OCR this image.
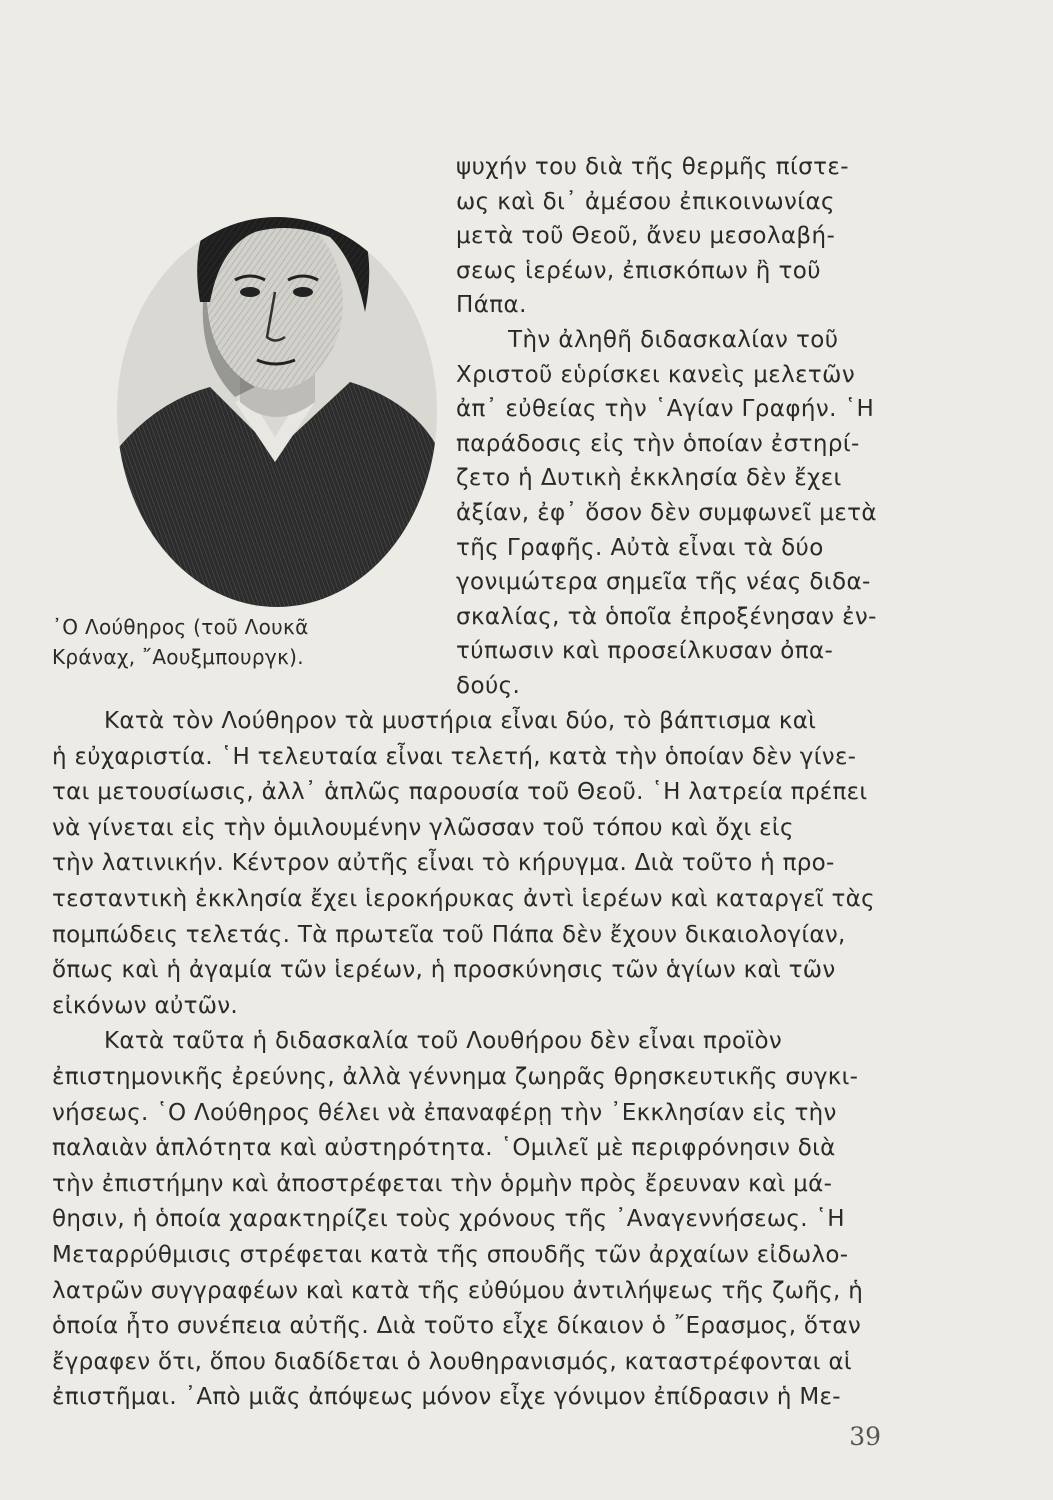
᾿Ο Λούθηρος (τοῦ Λουκᾶ
Κράναχ, ῎Αουξμπουργκ).
ψυχήν του διὰ τῆς θερμῆς πίστε-
ως καὶ δι᾿ ἀμέσου ἐπικοινωνίας
μετὰ τοῦ Θεοῦ, ἄνευ μεσολαβή-
σεως ἱερέων, ἐπισκόπων ἢ τοῦ
Πάπα.
Τὴν ἀληθῆ διδασκαλίαν τοῦ
Χριστοῦ εὑρίσκει κανεὶς μελετῶν
ἀπ᾿ εὐθείας τὴν ῾Αγίαν Γραφήν. ῾Η
παράδοσις εἰς τὴν ὁποίαν ἐστηρί-
ζετο ἡ Δυτικὴ ἐκκλησία δὲν ἔχει
ἀξίαν, ἐφ᾿ ὅσον δὲν συμφωνεῖ μετὰ
τῆς Γραφῆς. Αὐτὰ εἶναι τὰ δύο
γονιμώτερα σημεῖα τῆς νέας διδα-
σκαλίας, τὰ ὁποῖα ἐπροξένησαν ἐν-
τύπωσιν καὶ προσείλκυσαν ὀπα-
δούς.
Κατὰ τὸν Λούθηρον τὰ μυστήρια εἶναι δύο, τὸ βάπτισμα καὶ
ἡ εὐχαριστία. ῾Η τελευταία εἶναι τελετή, κατὰ τὴν ὁποίαν δὲν γίνε-
ται μετουσίωσις, ἀλλ᾿ ἁπλῶς παρουσία τοῦ Θεοῦ. ῾Η λατρεία πρέπει
νὰ γίνεται εἰς τὴν ὁμιλουμένην γλῶσσαν τοῦ τόπου καὶ ὄχι εἰς
τὴν λατινικήν. Κέντρον αὐτῆς εἶναι τὸ κήρυγμα. Διὰ τοῦτο ἡ προ-
τεσταντικὴ ἐκκλησία ἔχει ἱεροκήρυκας ἀντὶ ἱερέων καὶ καταργεῖ τὰς
πομπώδεις τελετάς. Τὰ πρωτεῖα τοῦ Πάπα δὲν ἔχουν δικαιολογίαν,
ὅπως καὶ ἡ ἀγαμία τῶν ἱερέων, ἡ προσκύνησις τῶν ἁγίων καὶ τῶν
εἰκόνων αὐτῶν.
Κατὰ ταῦτα ἡ διδασκαλία τοῦ Λουθήρου δὲν εἶναι προϊὸν
ἐπιστημονικῆς ἐρεύνης, ἀλλὰ γέννημα ζωηρᾶς θρησκευτικῆς συγκι-
νήσεως. ῾Ο Λούθηρος θέλει νὰ ἐπαναφέρῃ τὴν ᾿Εκκλησίαν εἰς τὴν
παλαιὰν ἁπλότητα καὶ αὐστηρότητα. ῾Ομιλεῖ μὲ περιφρόνησιν διὰ
τὴν ἐπιστήμην καὶ ἀποστρέφεται τὴν ὁρμὴν πρὸς ἔρευναν καὶ μά-
θησιν, ἡ ὁποία χαρακτηρίζει τοὺς χρόνους τῆς ᾿Αναγεννήσεως. ῾Η
Μεταρρύθμισις στρέφεται κατὰ τῆς σπουδῆς τῶν ἀρχαίων εἰδωλο-
λατρῶν συγγραφέων καὶ κατὰ τῆς εὐθύμου ἀντιλήψεως τῆς ζωῆς, ἡ
ὁποία ἦτο συνέπεια αὐτῆς. Διὰ τοῦτο εἶχε δίκαιον ὁ ῎Ερασμος, ὅταν
ἔγραφεν ὅτι, ὅπου διαδίδεται ὁ λουθηρανισμός, καταστρέφονται αἱ
ἐπιστῆμαι. ᾿Απὸ μιᾶς ἀπόψεως μόνον εἶχε γόνιμον ἐπίδρασιν ἡ Με-
39
